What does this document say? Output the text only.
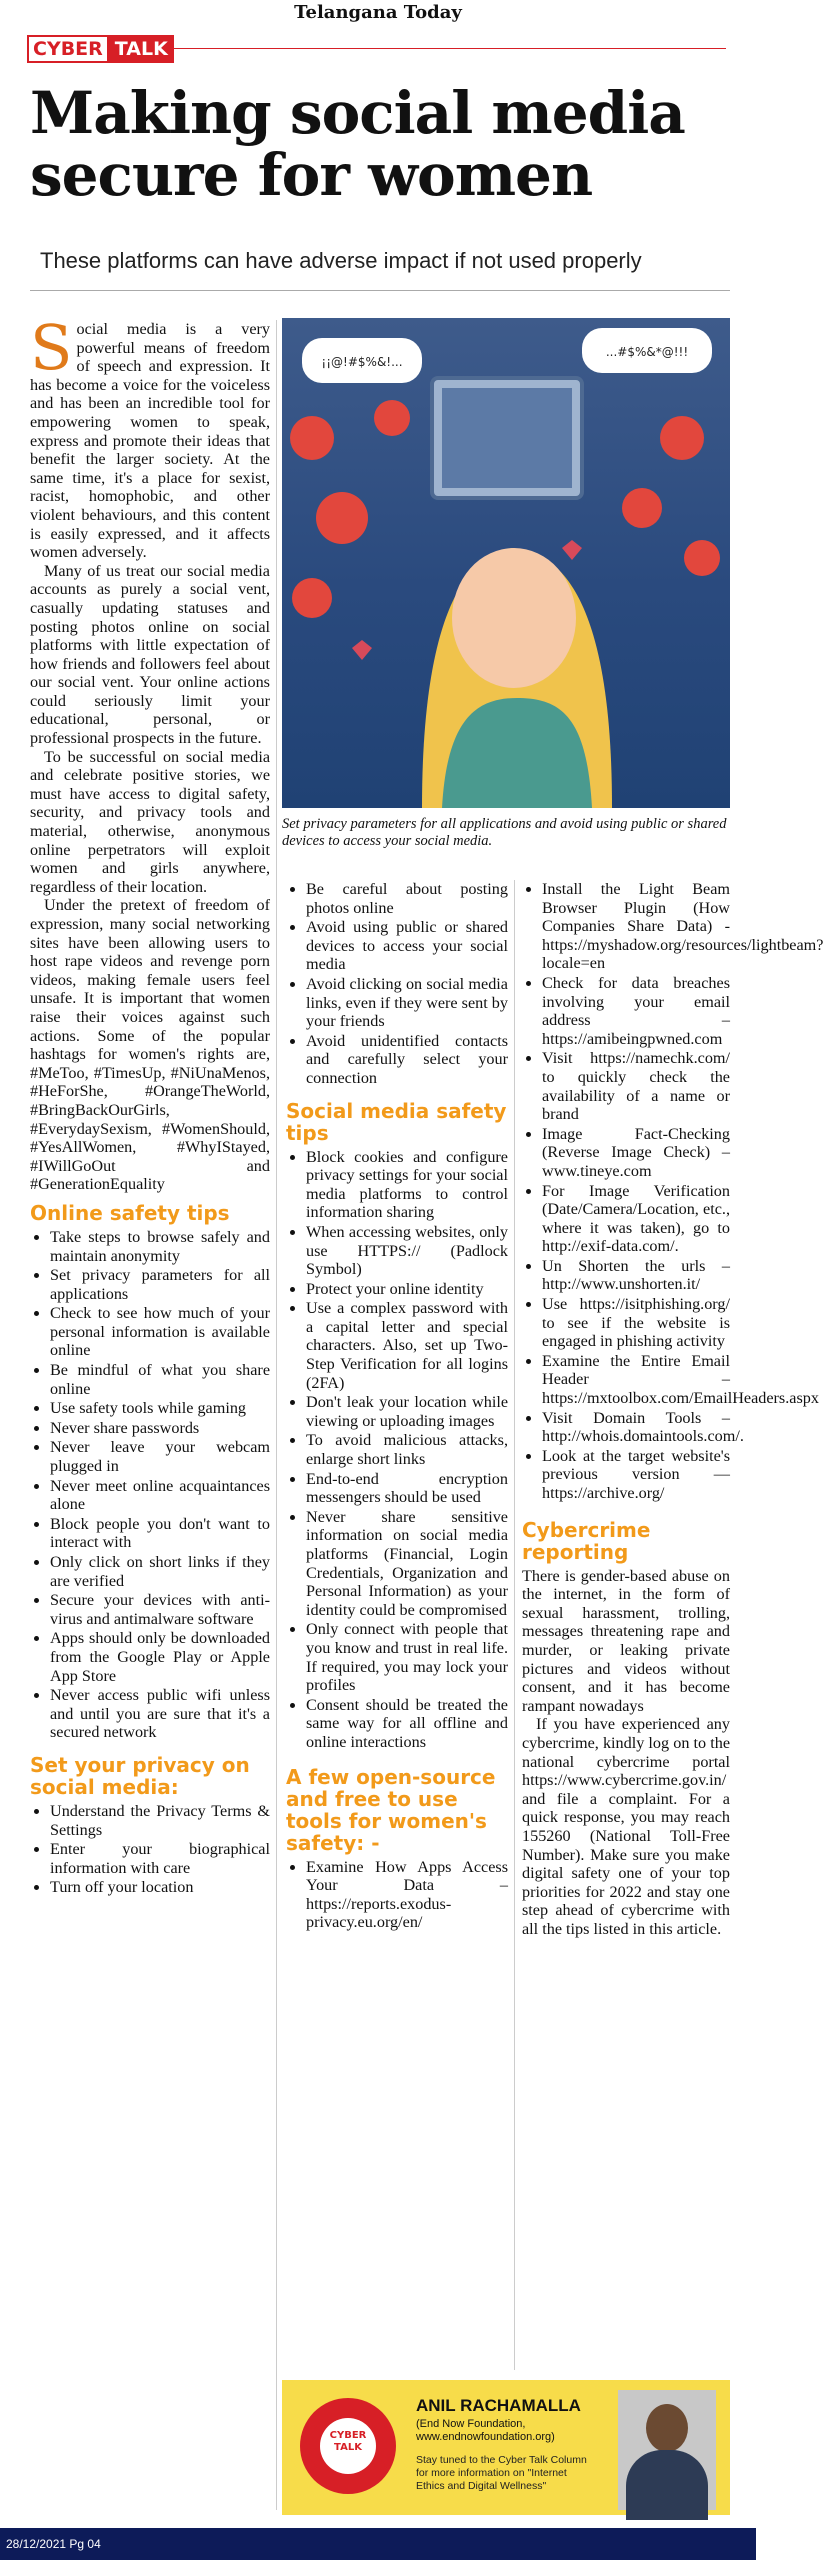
Telangana Today
CYBER TALK
Making social media secure for women
These platforms can have adverse impact if not used properly

Social media is a very powerful means of freedom of speech and expression. It has become a voice for the voiceless and has been an incredible tool for empowering women to speak, express and promote their ideas that benefit the larger society. At the same time, it's a place for sexist, racist, homophobic, and other violent behaviours, and this content is easily expressed, and it affects women adversely.

Many of us treat our social media accounts as purely a social vent, casually updating statuses and posting photos online on social platforms with little expectation of how friends and followers feel about our social vent. Your online actions could seriously limit your educational, personal, or professional prospects in the future.

To be successful on social media and celebrate positive stories, we must have access to digital safety, security, and privacy tools and material, otherwise, anonymous online perpetrators will exploit women and girls anywhere, regardless of their location.

Under the pretext of freedom of expression, many social networking sites have been allowing users to host rape videos and revenge porn videos, making female users feel unsafe. It is important that women raise their voices against such actions. Some of the popular hashtags for women's rights are, #MeToo, #TimesUp, #NiUnaMenos, #HeForShe, #OrangeTheWorld, #BringBackOurGirls, #EverydaySexism, #WomenShould, #YesAllWomen, #WhyIStayed, #IWillGoOut and #GenerationEquality

Online safety tips
• Take steps to browse safely and maintain anonymity
• Set privacy parameters for all applications
• Check to see how much of your personal information is available online
• Be mindful of what you share online
• Use safety tools while gaming
• Never share passwords
• Never leave your webcam plugged in
• Never meet online acquaintances alone
• Block people you don't want to interact with
• Only click on short links if they are verified
• Secure your devices with anti-virus and antimalware software
• Apps should only be downloaded from the Google Play or Apple App Store
• Never access public wifi unless and until you are sure that it's a secured network
Set your privacy on social media:
• Understand the Privacy Terms & Settings
• Enter your biographical information with care
• Turn off your location
¡¡@!#$%&!...
...#$%&*@!!!
Set privacy parameters for all applications and avoid using public or shared devices to access your social media.
• Be careful about posting photos online
• Avoid using public or shared devices to access your social media
• Avoid clicking on social media links, even if they were sent by your friends
• Avoid unidentified contacts and carefully select your connection
Social media safety tips
• Block cookies and configure privacy settings for your social media platforms to control information sharing
• When accessing websites, only use HTTPS:// (Padlock Symbol)
• Protect your online identity
• Use a complex password with a capital letter and special characters. Also, set up Two-Step Verification for all logins (2FA)
• Don't leak your location while viewing or uploading images
• To avoid malicious attacks, enlarge short links
• End-to-end encryption messengers should be used
• Never share sensitive information on social media platforms (Financial, Login Credentials, Organization and Personal Information) as your identity could be compromised
• Only connect with people that you know and trust in real life. If required, you may lock your profiles
• Consent should be treated the same way for all offline and online interactions
A few open-source and free to use tools for women's safety: -
• Examine How Apps Access Your Data – https://reports.exodus-privacy.eu.org/en/
• Install the Light Beam Browser Plugin (How Companies Share Data) - https://myshadow.org/resources/lightbeam?locale=en
• Check for data breaches involving your email address – https://amibeingpwned.com
• Visit https://namechk.com/ to quickly check the availability of a name or brand
• Image Fact-Checking (Reverse Image Check) – www.tineye.com
• For Image Verification (Date/Camera/Location, etc., where it was taken), go to http://exif-data.com/.
• Un Shorten the urls – http://www.unshorten.it/
• Use https://isitphishing.org/ to see if the website is engaged in phishing activity
• Examine the Entire Email Header – https://mxtoolbox.com/EmailHeaders.aspx
• Visit Domain Tools – http://whois.domaintools.com/.
• Look at the target website's previous version — https://archive.org/
Cybercrime reporting

There is gender-based abuse on the internet, in the form of sexual harassment, trolling, messages threatening rape and murder, or leaking private pictures and videos without consent, and it has become rampant nowadays

If you have experienced any cybercrime, kindly log on to the national cybercrime portal https://www.cybercrime.gov.in/ and file a complaint. For a quick response, you may reach 155260 (National Toll-Free Number). Make sure you make digital safety one of your top priorities for 2022 and stay one step ahead of cybercrime with all the tips listed in this article.

CYBER
TALK
ANIL RACHAMALLA
(End Now Foundation,
www.endnowfoundation.org)
Stay tuned to the Cyber Talk Column for more information on "Internet Ethics and Digital Wellness"
28/12/2021 Pg 04
